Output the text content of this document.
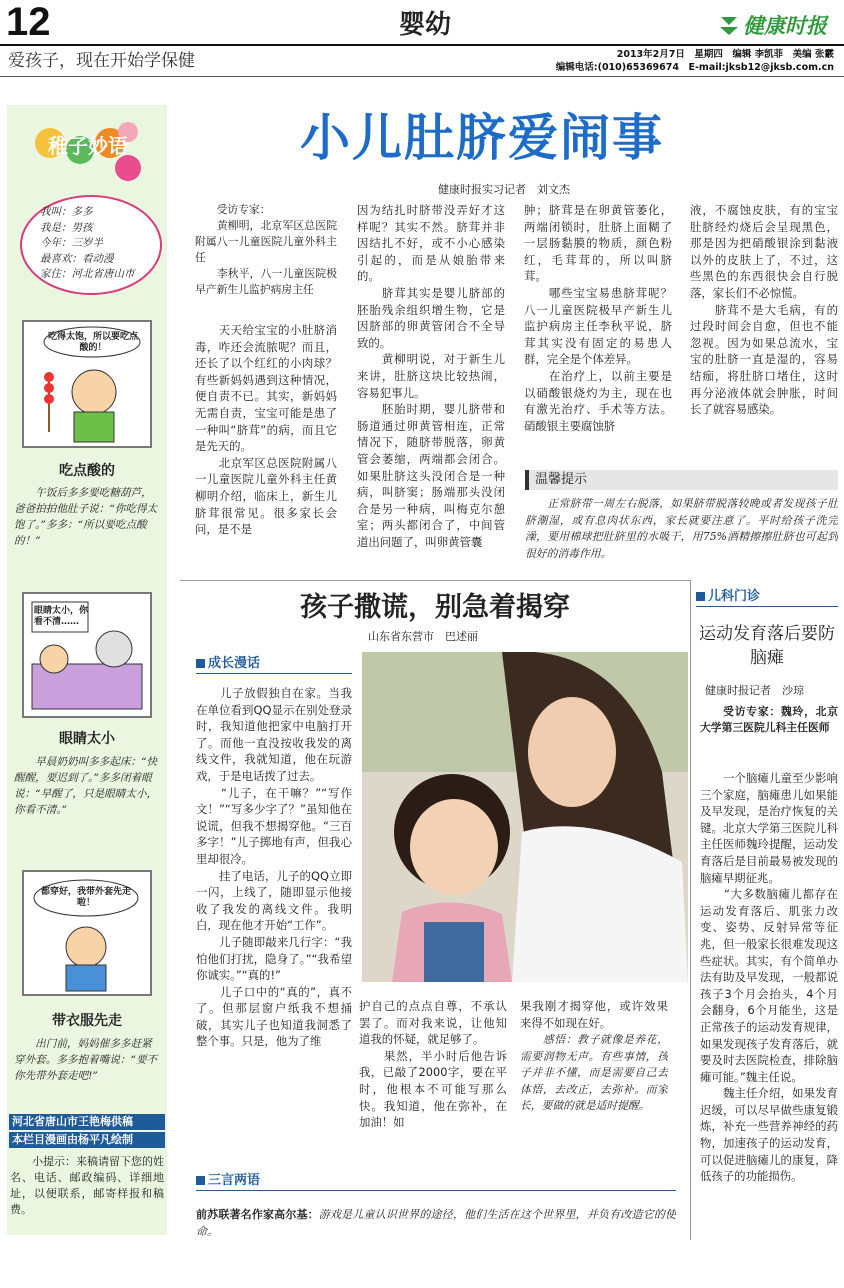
12	婴幼	健康时报
爱孩子，现在开始学保健	2013年2月7日　星期四　编辑 李凯菲　美编 张霰
编辑电话:(010)65369674　E-mail:jksb12@jksb.com.cn
稚子妙语
我叫：多多
我是：男孩
今年：三岁半
最喜欢：看动漫
家住：河北省唐山市
吃得太饱，所以要吃点酸的！
吃点酸的
　　午饭后多多要吃糖葫芦，爸爸拍拍他肚子说：“你吃得太饱了。”多多：“所以要吃点酸的！”
眼睛太小，你看不清……
眼睛太小
　　早晨奶奶叫多多起床：“快醒醒，要迟到了。”多多闭着眼说：“早醒了，只是眼睛太小，你看不清。”
都穿好，我带外套先走啦！
带衣服先走
　　出门前，妈妈催多多赶紧穿外套。多多抱着嘴说：“要不你先带外套走吧!”
河北省唐山市王艳梅供稿
本栏目漫画由杨平凡绘制
　　小提示：来稿请留下您的姓名、电话、邮政编码、详细地址，以便联系，邮寄样报和稿费。
小儿肚脐爱闹事
健康时报实习记者　刘文杰
　　受访专家：
　　黄柳明，北京军区总医院附属八一儿童医院儿童外科主任
　　李秋平，八一儿童医院极早产新生儿监护病房主任
　　天天给宝宝的小肚脐消毒，咋还会流脓呢？而且，还长了以个红红的小肉球？有些新妈妈遇到这种情况，便自责不已。其实，新妈妈无需自责，宝宝可能是患了一种叫“脐茸”的病，而且它是先天的。
　　北京军区总医院附属八一儿童医院儿童外科主任黄柳明介绍，临床上，新生儿脐茸很常见。很多家长会问，是不是
因为结扎时脐带没弄好才这样呢？其实不然。脐茸并非因结扎不好，或不小心感染引起的，而是从娘胎带来的。
　　脐茸其实是婴儿脐部的胚胎残余组织增生物，它是因脐部的卵黄管闭合不全导致的。
　　黄柳明说，对于新生儿来讲，肚脐这块比较热闹，容易犯事儿。
　　胚胎时期，婴儿脐带和肠道通过卵黄管相连，正常情况下，随脐带脱落，卵黄管会萎缩，两端都会闭合。如果肚脐这头没闭合是一种病，叫脐窦；肠端那头没闭合是另一种病，叫梅克尔憩室；两头都闭合了，中间管道出问题了，叫卵黄管囊
肿；脐茸是在卵黄管萎化，两端闭锁时，肚脐上面糊了一层肠黏膜的物质，颜色粉红，毛茸茸的，所以叫脐茸。
　　哪些宝宝易患脐茸呢？八一儿童医院极早产新生儿监护病房主任李秋平说，脐茸其实没有固定的易患人群，完全是个体差异。
　　在治疗上，以前主要是以硝酸银烧灼为主，现在也有激光治疗、手术等方法。硝酸银主要腐蚀脐
液，不腐蚀皮肤，有的宝宝肚脐经灼烧后会呈现黑色，那是因为把硝酸银涂到黏液以外的皮肤上了，不过，这些黑色的东西很快会自行脱落，家长们不必惊慌。
　　脐茸不是大毛病，有的过段时间会自愈，但也不能忽视。因为如果总流水，宝宝的肚脐一直是湿的，容易结痂，将肚脐口堵住，这时再分泌液体就会肿胀，时间长了就容易感染。
温馨提示
　　正常脐带一周左右脱落，如果脐带脱落较晚或者发现孩子肚脐潮湿，或有息肉状东西，家长就要注意了。平时给孩子洗完澡，要用棉球把肚脐里的水吸干，用75%酒精擦擦肚脐也可起到很好的消毒作用。
孩子撒谎，别急着揭穿
山东省东营市　巴述丽
成长漫话
　　儿子放假独自在家。当我在单位看到QQ显示在别处登录时，我知道他把家中电脑打开了。而他一直没按收我发的离线文件，我就知道，他在玩游戏，于是电话拨了过去。
　　“儿子，在干嘛？”“写作文！”“写多少字了？”虽知他在说谎，但我不想揭穿他。“三百多字！”儿子掷地有声，但我心里却很冷。
　　挂了电话，儿子的QQ立即一闪，上线了，随即显示他接收了我发的离线文件。我明白，现在他才开始“工作”。
　　儿子随即敲来几行字：“我怕他们打扰，隐身了。”“我希望你诚实。”“真的!”
　　儿子口中的“真的”，真不了。但那层窗户纸我不想捅破，其实儿子也知道我洞悉了整个事。只是，他为了维
护自己的点点自尊，不承认罢了。而对我来说，让他知道我的怀疑，就足够了。
　　果然，半小时后他告诉我，已敲了2000字，要在平时，他根本不可能写那么快。我知道，他在弥补，在加油！如
果我刚才揭穿他，或许效果来得不如现在好。
　　感悟：教子就像是养花，需要润物无声。有些事情，孩子并非不懂，而是需要自己去体悟，去改正，去弥补。而家长，要做的就是适时提醒。
三言两语
前苏联著名作家高尔基：游戏是儿童认识世界的途径，他们生活在这个世界里，并负有改造它的使命。
儿科门诊
运动发育落后要防脑瘫
健康时报记者　沙琼
　　受访专家：魏玲，北京大学第三医院儿科主任医师
　　一个脑瘫儿童至少影响三个家庭，脑瘫患儿如果能及早发现，是治疗恢复的关键。北京大学第三医院儿科主任医师魏玲提醒，运动发育落后是目前最易被发现的脑瘫早期征兆。
　　“大多数脑瘫儿都存在运动发育落后、肌张力改变、姿势、反射异常等征兆，但一般家长很难发现这些症状。其实，有个简单办法有助及早发现，一般都说孩子3个月会抬头，4个月会翻身，6个月能坐，这是正常孩子的运动发育规律，如果发现孩子发育落后，就要及时去医院检查，排除脑瘫可能。”魏主任说。
　　魏主任介绍，如果发育迟缓，可以尽早做些康复锻炼，补充一些营养神经的药物，加速孩子的运动发育，可以促进脑瘫儿的康复，降低孩子的功能损伤。
